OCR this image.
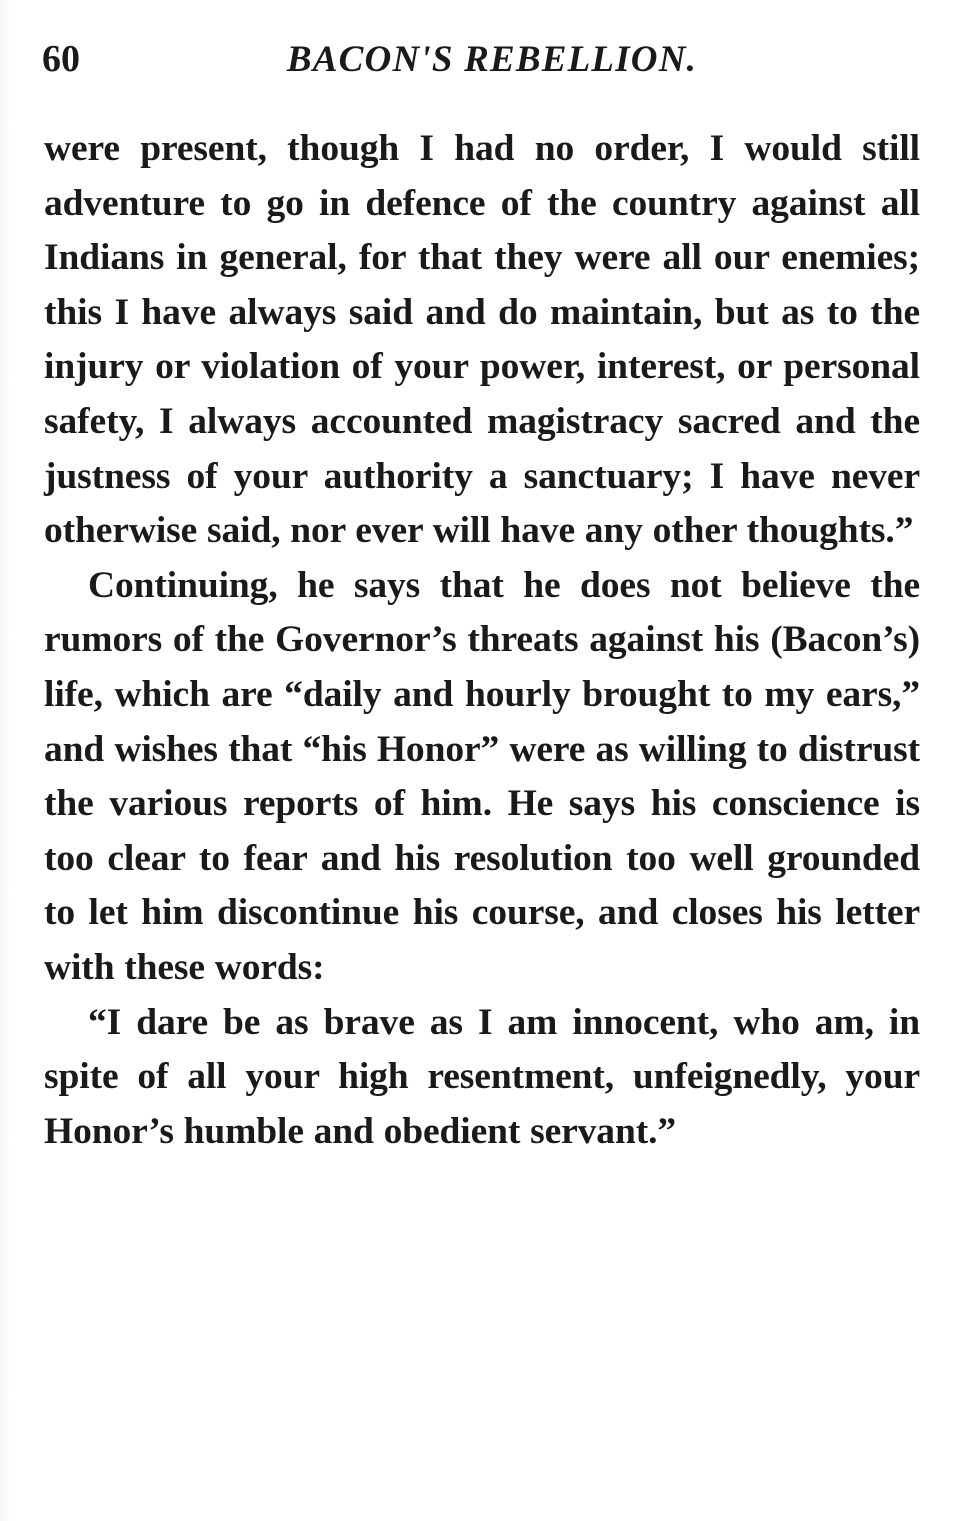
60	BACON'S REBELLION.

were present, though I had no order, I would still adventure to go in defence of the country against all Indians in general, for that they were all our enemies; this I have always said and do maintain, but as to the injury or violation of your power, interest, or personal safety, I always accounted magistracy sacred and the justness of your authority a sanctuary; I have never otherwise said, nor ever will have any other thoughts.”

Continuing, he says that he does not believe the rumors of the Governor’s threats against his (Bacon’s) life, which are “daily and hourly brought to my ears,” and wishes that “his Honor” were as willing to distrust the various reports of him. He says his conscience is too clear to fear and his resolution too well grounded to let him discontinue his course, and closes his letter with these words:

“I dare be as brave as I am innocent, who am, in spite of all your high resentment, unfeignedly, your Honor’s humble and obedient servant.”
